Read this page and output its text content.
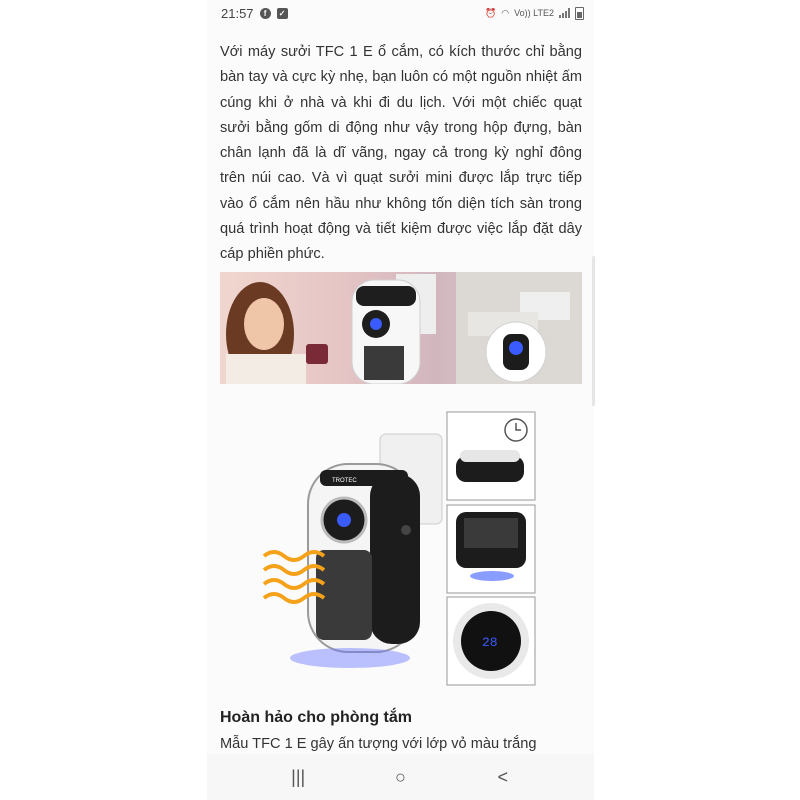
21:57	f	✓	⏰ ◠ Vo)) LTE2

Với máy sưởi TFC 1 E ổ cắm, có kích thước chỉ bằng bàn tay và cực kỳ nhẹ, bạn luôn có một nguồn nhiệt ấm cúng khi ở nhà và khi đi du lịch. Với một chiếc quạt sưởi bằng gốm di động như vậy trong hộp đựng, bàn chân lạnh đã là dĩ vãng, ngay cả trong kỳ nghỉ đông trên núi cao. Và vì quạt sưởi mini được lắp trực tiếp vào ổ cắm nên hầu như không tốn diện tích sàn trong quá trình hoạt động và tiết kiệm được việc lắp đặt dây cáp phiền phức.

TROTEC
28

Hoàn hảo cho phòng tắm

Mẫu TFC 1 E gây ấn tượng với lớp vỏ màu trắng

|||	○	<
